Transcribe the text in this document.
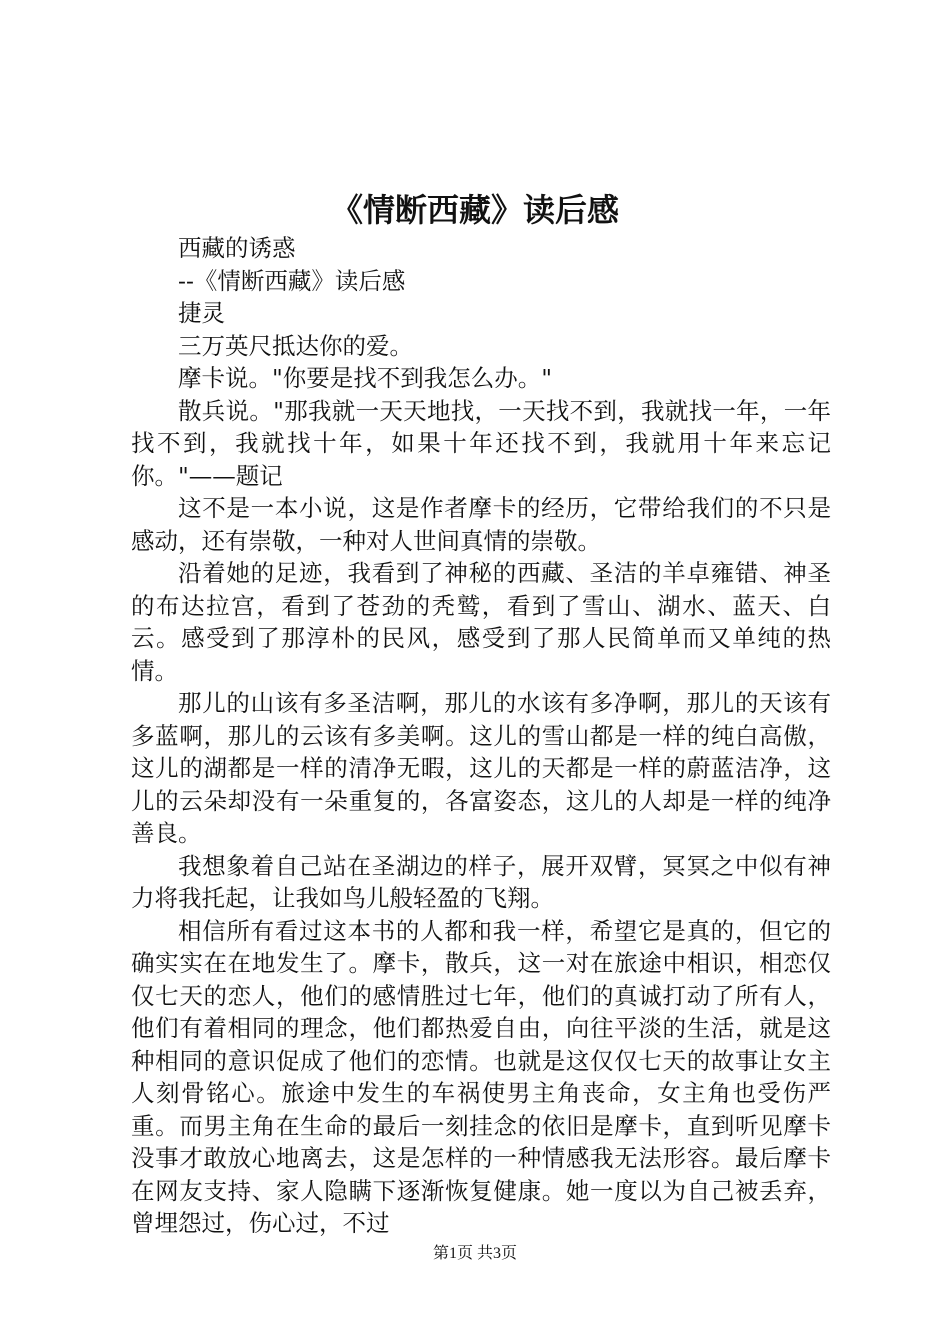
《情断西藏》读后感

西藏的诱惑

--《情断西藏》读后感

捷灵

三万英尺抵达你的爱。

摩卡说。"你要是找不到我怎么办。"

散兵说。"那我就一天天地找，一天找不到，我就找一年，一年找不到，我就找十年，如果十年还找不到，我就用十年来忘记你。"——题记

这不是一本小说，这是作者摩卡的经历，它带给我们的不只是感动，还有崇敬，一种对人世间真情的崇敬。

沿着她的足迹，我看到了神秘的西藏、圣洁的羊卓雍错、神圣的布达拉宫，看到了苍劲的秃鹫，看到了雪山、湖水、蓝天、白云。感受到了那淳朴的民风，感受到了那人民简单而又单纯的热情。

那儿的山该有多圣洁啊，那儿的水该有多净啊，那儿的天该有多蓝啊，那儿的云该有多美啊。这儿的雪山都是一样的纯白高傲，这儿的湖都是一样的清净无暇，这儿的天都是一样的蔚蓝洁净，这儿的云朵却没有一朵重复的，各富姿态，这儿的人却是一样的纯净善良。

我想象着自己站在圣湖边的样子，展开双臂，冥冥之中似有神力将我托起，让我如鸟儿般轻盈的飞翔。

相信所有看过这本书的人都和我一样，希望它是真的，但它的确实实在在地发生了。摩卡，散兵，这一对在旅途中相识，相恋仅仅七天的恋人，他们的感情胜过七年，他们的真诚打动了所有人，他们有着相同的理念，他们都热爱自由，向往平淡的生活，就是这种相同的意识促成了他们的恋情。也就是这仅仅七天的故事让女主人刻骨铭心。旅途中发生的车祸使男主角丧命，女主角也受伤严重。而男主角在生命的最后一刻挂念的依旧是摩卡，直到听见摩卡没事才敢放心地离去，这是怎样的一种情感我无法形容。最后摩卡在网友支持、家人隐瞒下逐渐恢复健康。她一度以为自己被丢弃，曾埋怨过，伤心过，不过

第1页 共3页
